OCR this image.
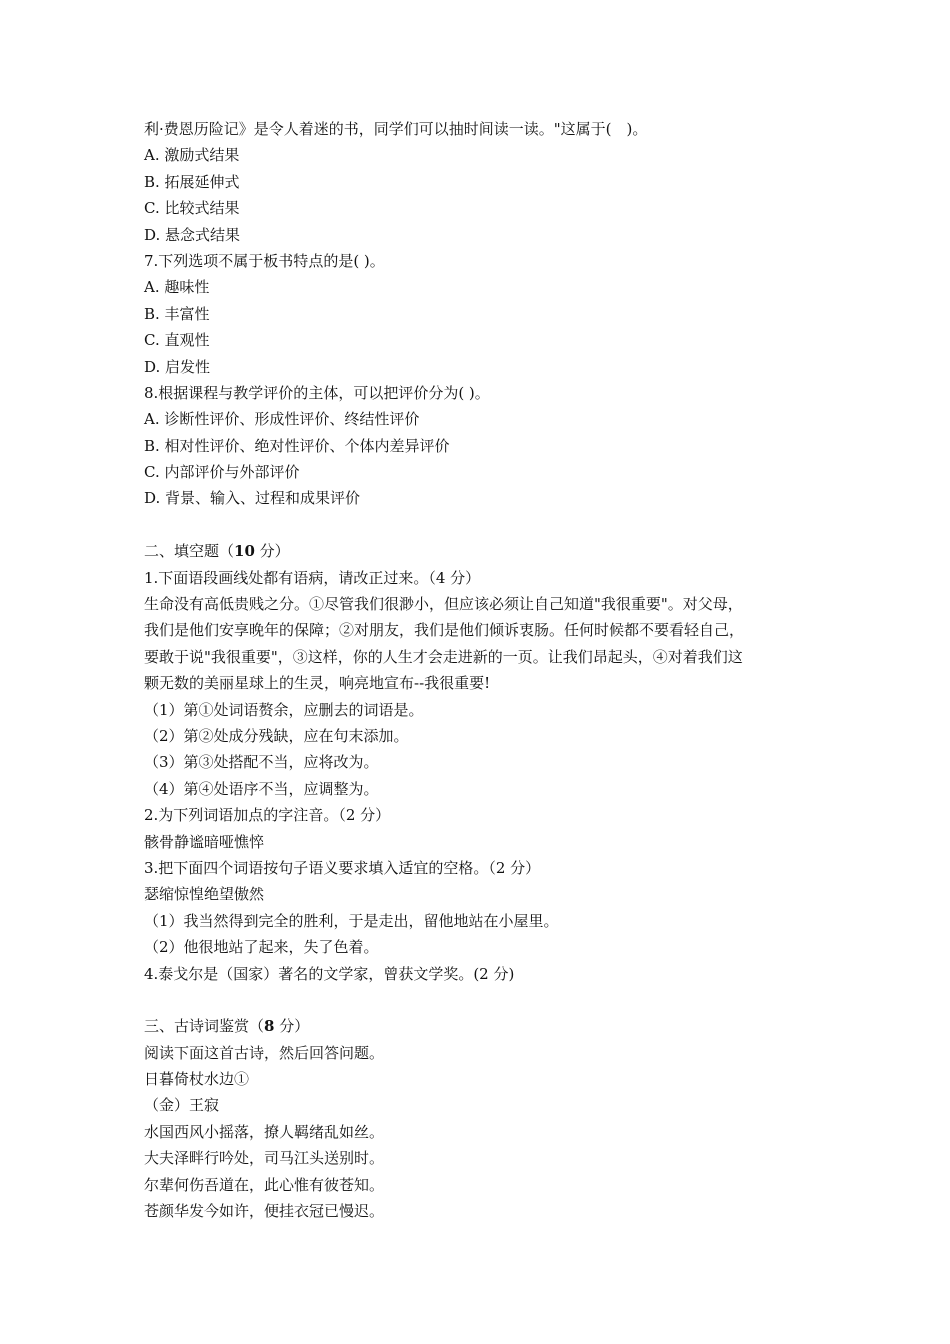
利·费恩历险记》是令人着迷的书，同学们可以抽时间读一读。"这属于(　)。
A. 激励式结果
B. 拓展延伸式
C. 比较式结果
D. 悬念式结果
7.下列选项不属于板书特点的是( )。
A. 趣味性
B. 丰富性
C. 直观性
D. 启发性
8.根据课程与教学评价的主体，可以把评价分为( )。
A. 诊断性评价、形成性评价、终结性评价
B. 相对性评价、绝对性评价、个体内差异评价
C. 内部评价与外部评价
D. 背景、输入、过程和成果评价
二、填空题（10 分）
1.下面语段画线处都有语病，请改正过来。（4 分）
生命没有高低贵贱之分。①尽管我们很渺小，但应该必须让自己知道"我很重要"。对父母，
我们是他们安享晚年的保障；②对朋友，我们是他们倾诉衷肠。任何时候都不要看轻自己，
要敢于说"我很重要"，③这样，你的人生才会走进新的一页。让我们昂起头，④对着我们这
颗无数的美丽星球上的生灵，响亮地宣布--我很重要!
（1）第①处词语赘余，应删去的词语是。
（2）第②处成分残缺，应在句末添加。
（3）第③处搭配不当，应将改为。
（4）第④处语序不当，应调整为。
2.为下列词语加点的字注音。（2 分）
骸骨静谧暗哑憔悴
3.把下面四个词语按句子语义要求填入适宜的空格。（2 分）
瑟缩惊惶绝望傲然
（1）我当然得到完全的胜利，于是走出，留他地站在小屋里。
（2）他很地站了起来，失了色着。
4.泰戈尔是（国家）著名的文学家，曾获文学奖。(2 分)
三、古诗词鉴赏（8 分）
阅读下面这首古诗，然后回答问题。
日暮倚杖水边①
（金）王寂
水国西风小摇落，撩人羁绪乱如丝。
大夫泽畔行吟处，司马江头送别时。
尔辈何伤吾道在，此心惟有彼苍知。
苍颜华发今如许，便挂衣冠已慢迟。
